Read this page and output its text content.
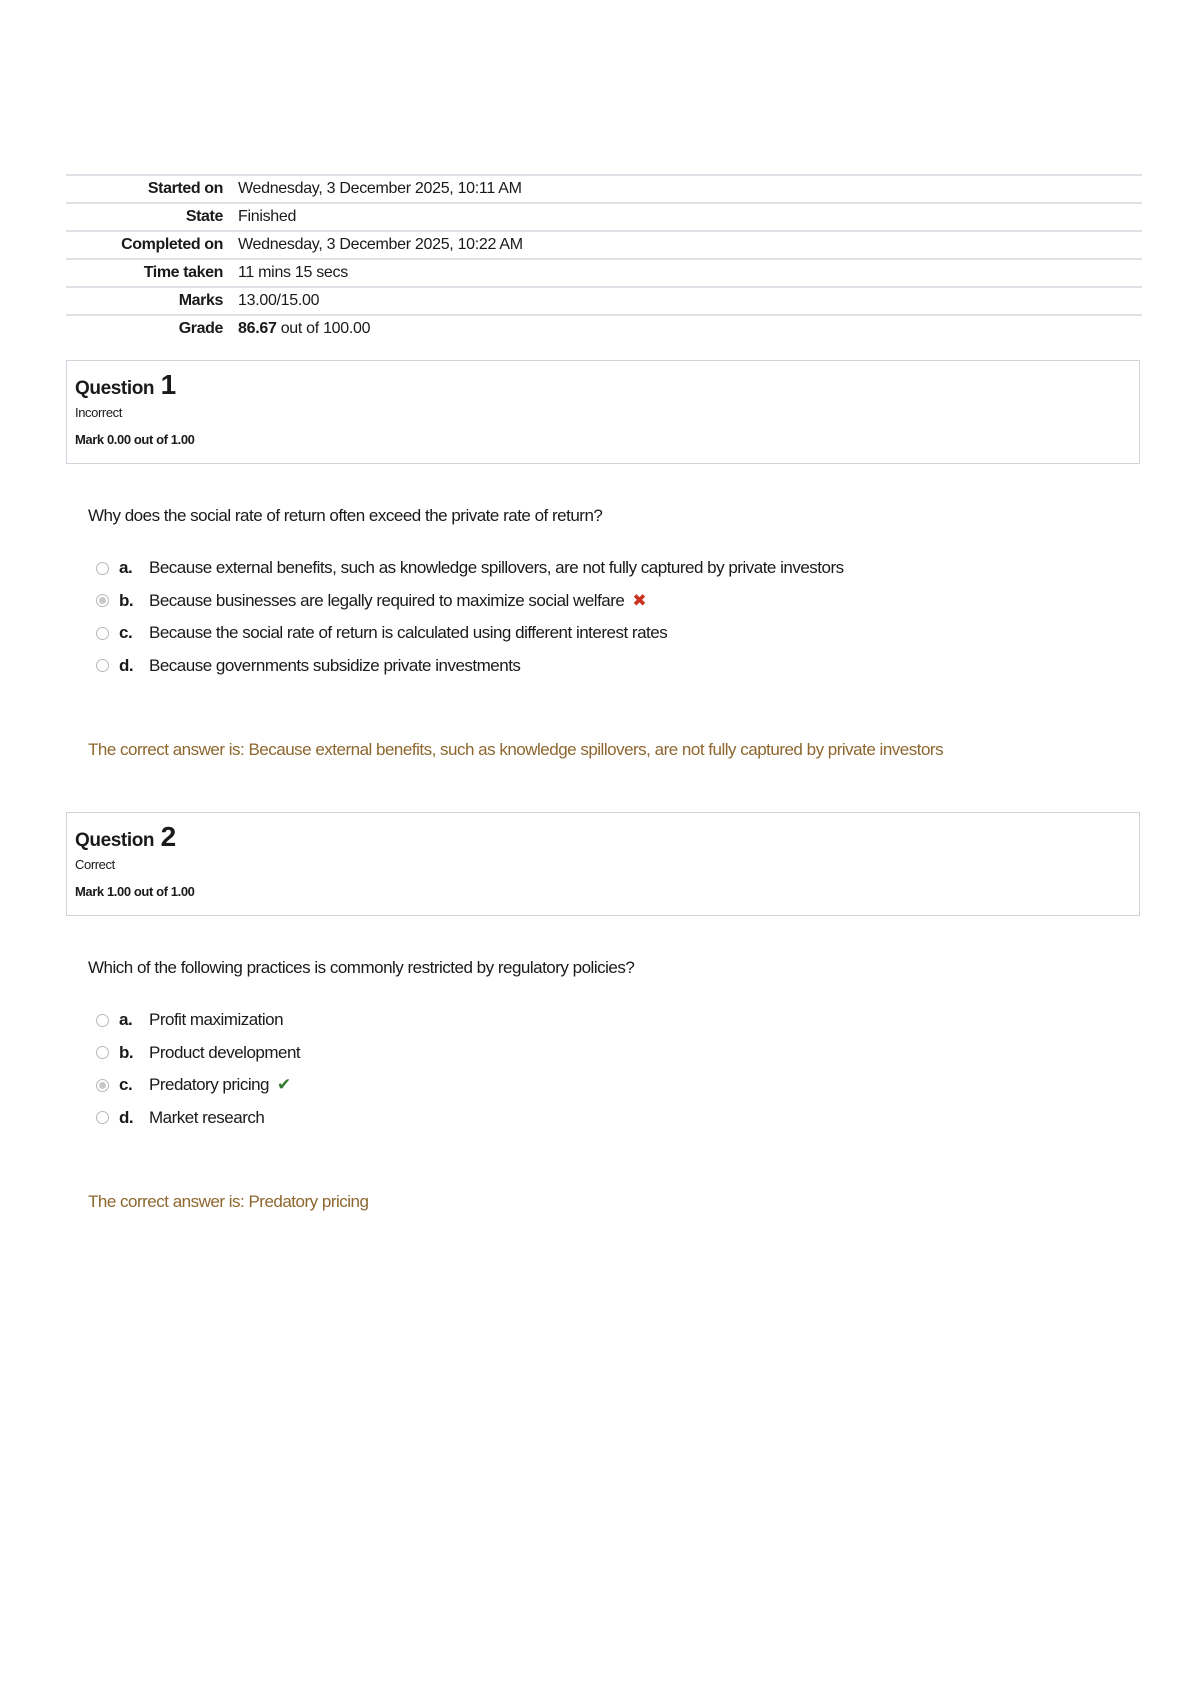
Started on	Wednesday, 3 December 2025, 10:11 AM
State	Finished
Completed on	Wednesday, 3 December 2025, 10:22 AM
Time taken	11 mins 15 secs
Marks	13.00/15.00
Grade	86.67 out of 100.00
Question 1
Incorrect
Mark 0.00 out of 1.00
Why does the social rate of return often exceed the private rate of return?
a. Because external benefits, such as knowledge spillovers, are not fully captured by private investors
b. Because businesses are legally required to maximize social welfare ✖
c. Because the social rate of return is calculated using different interest rates
d. Because governments subsidize private investments
The correct answer is: Because external benefits, such as knowledge spillovers, are not fully captured by private investors
Question 2
Correct
Mark 1.00 out of 1.00
Which of the following practices is commonly restricted by regulatory policies?
a. Profit maximization
b. Product development
c. Predatory pricing ✔
d. Market research
The correct answer is: Predatory pricing
